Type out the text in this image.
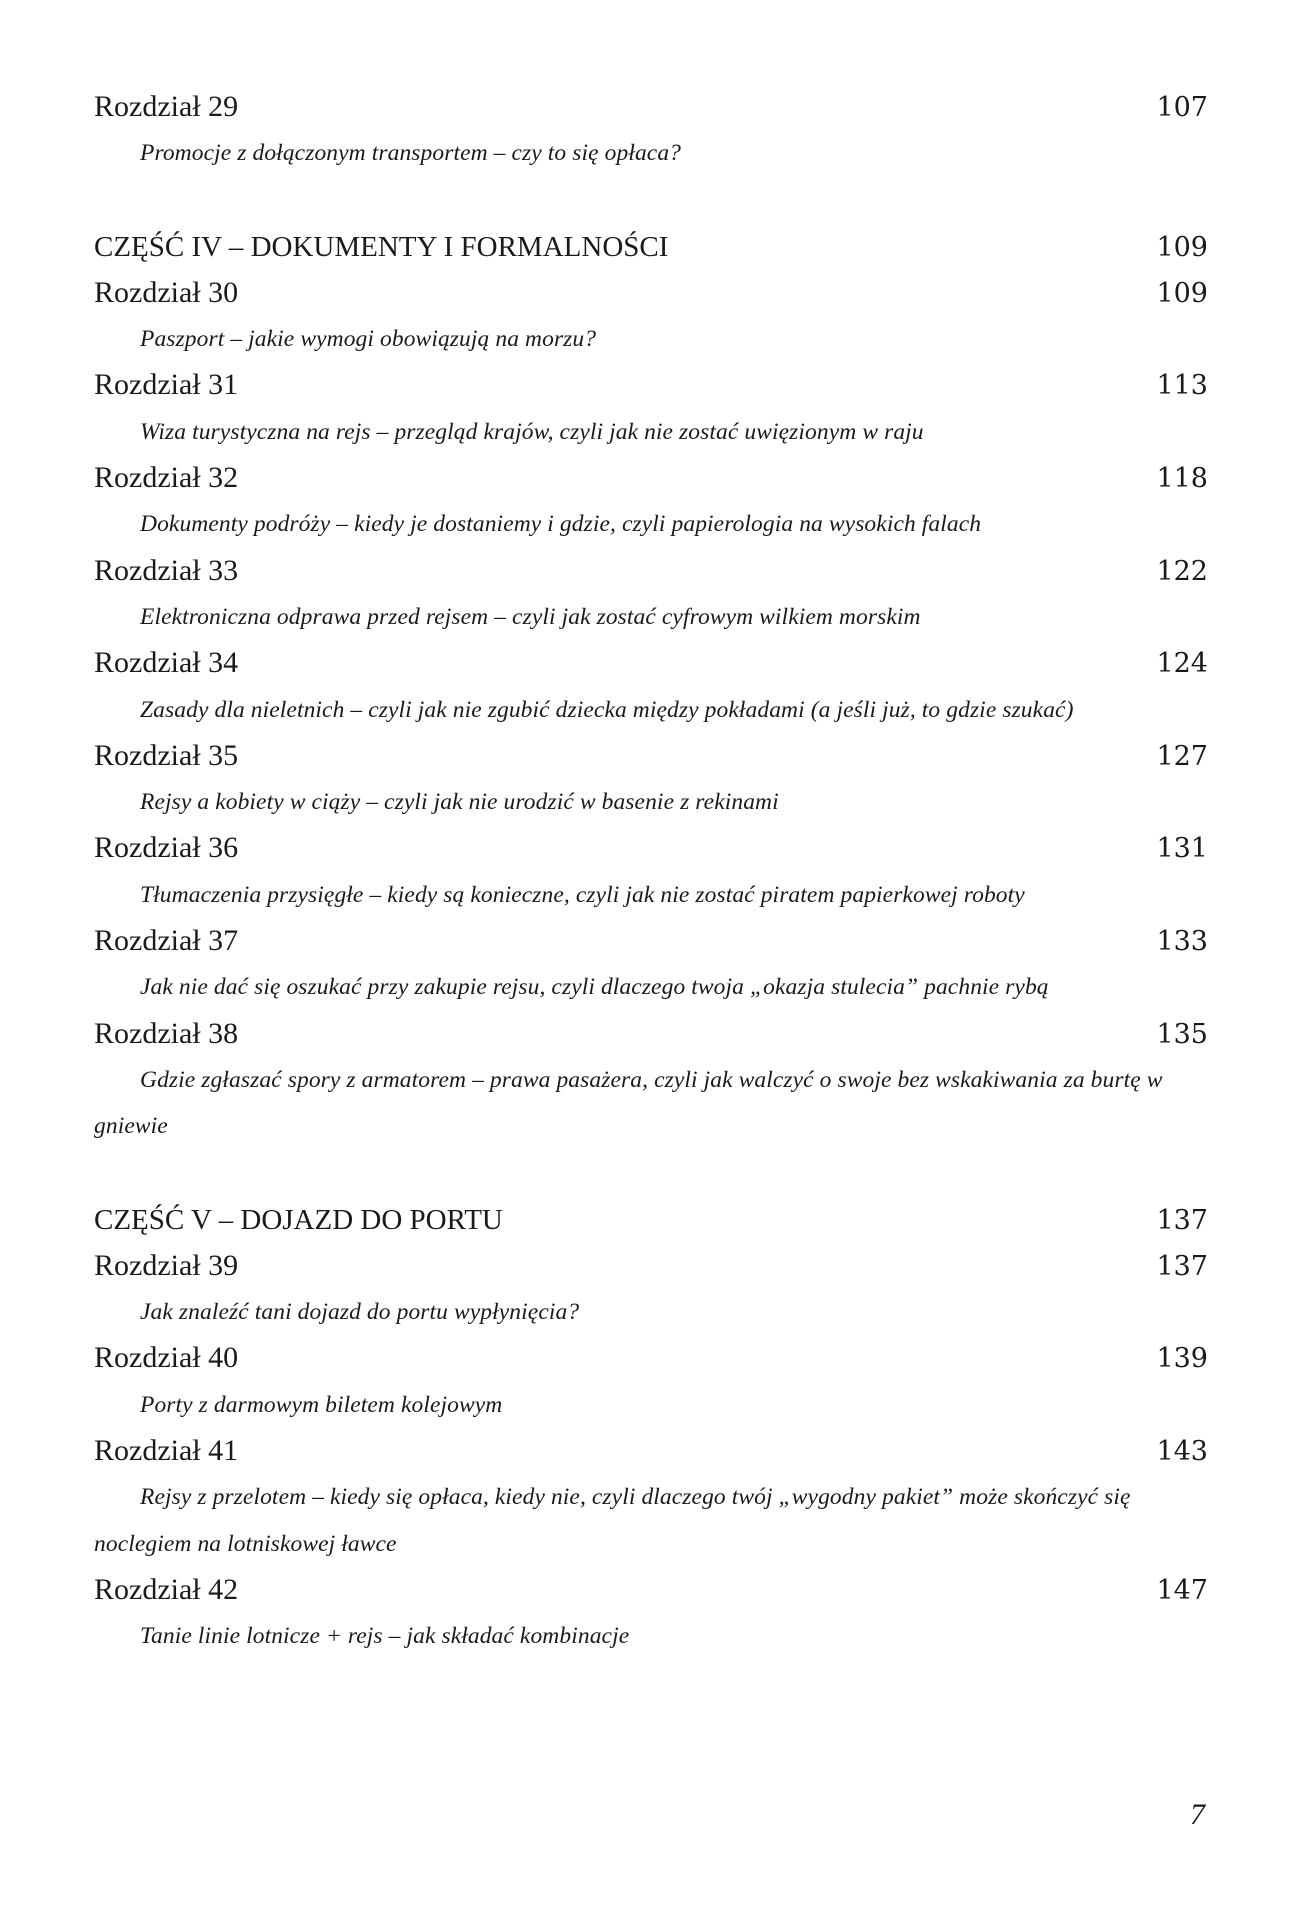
Rozdział 29	107
Promocje z dołączonym transportem – czy to się opłaca?
CZĘŚĆ IV – DOKUMENTY I FORMALNOŚCI	109
Rozdział 30	109
Paszport – jakie wymogi obowiązują na morzu?
Rozdział 31	113
Wiza turystyczna na rejs – przegląd krajów, czyli jak nie zostać uwięzionym w raju
Rozdział 32	118
Dokumenty podróży – kiedy je dostaniemy i gdzie, czyli papierologia na wysokich falach
Rozdział 33	122
Elektroniczna odprawa przed rejsem – czyli jak zostać cyfrowym wilkiem morskim
Rozdział 34	124
Zasady dla nieletnich – czyli jak nie zgubić dziecka między pokładami (a jeśli już, to gdzie szukać)
Rozdział 35	127
Rejsy a kobiety w ciąży – czyli jak nie urodzić w basenie z rekinami
Rozdział 36	131
Tłumaczenia przysięgłe – kiedy są konieczne, czyli jak nie zostać piratem papierkowej roboty
Rozdział 37	133
Jak nie dać się oszukać przy zakupie rejsu, czyli dlaczego twoja „okazja stulecia” pachnie rybą
Rozdział 38	135
Gdzie zgłaszać spory z armatorem – prawa pasażera, czyli jak walczyć o swoje bez wskakiwania za burtę w gniewie
CZĘŚĆ V – DOJAZD DO PORTU	137
Rozdział 39	137
Jak znaleźć tani dojazd do portu wypłynięcia?
Rozdział 40	139
Porty z darmowym biletem kolejowym
Rozdział 41	143
Rejsy z przelotem – kiedy się opłaca, kiedy nie, czyli dlaczego twój „wygodny pakiet” może skończyć się noclegiem na lotniskowej ławce
Rozdział 42	147
Tanie linie lotnicze + rejs – jak składać kombinacje
7
